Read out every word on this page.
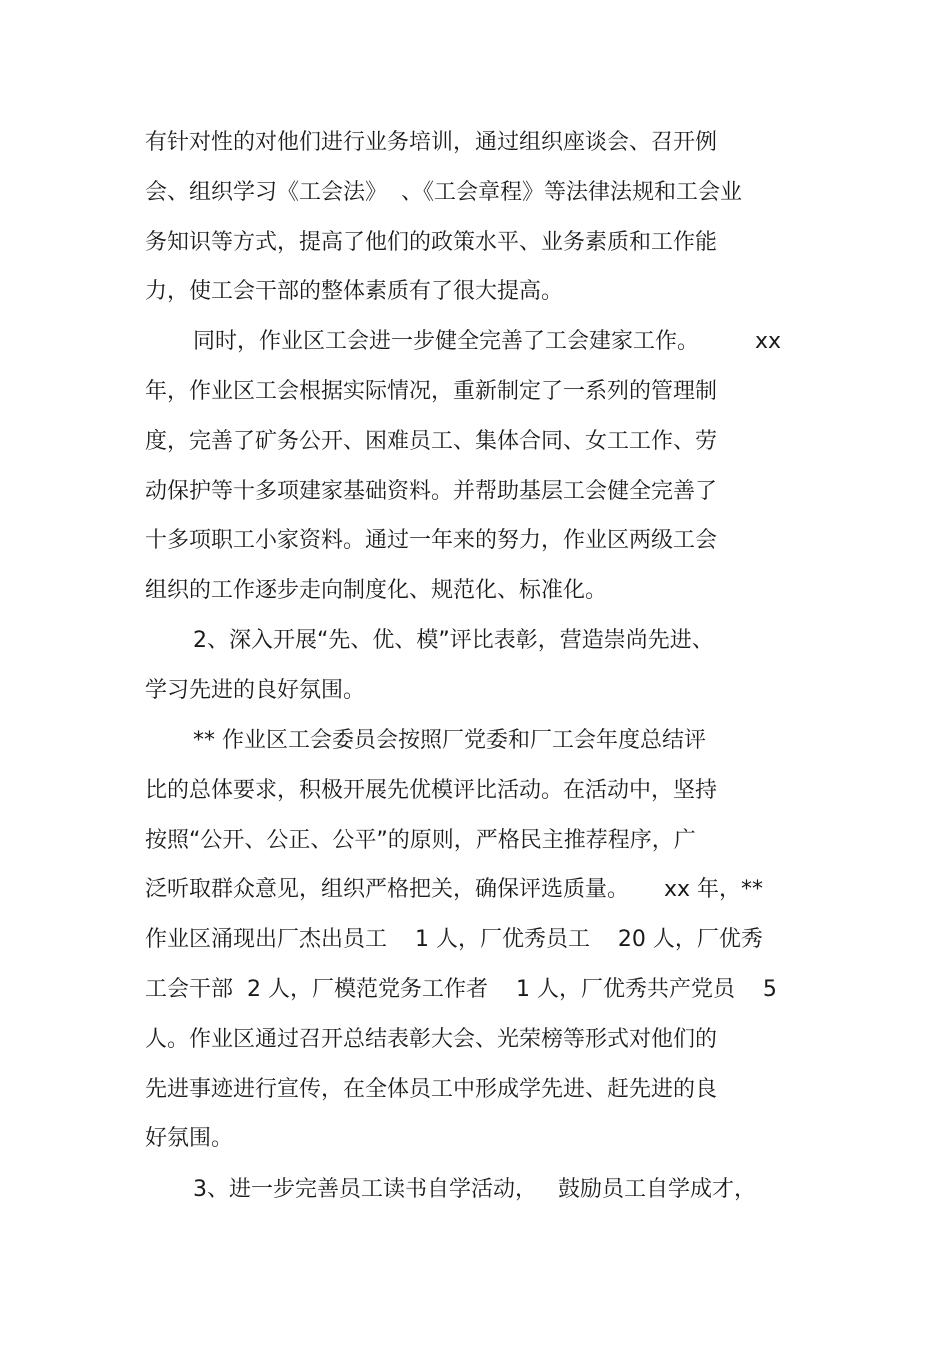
有针对性的对他们进行业务培训，通过组织座谈会、召开例
会、组织学习《工会法》  、《工会章程》等法律法规和工会业
务知识等方式，提高了他们的政策水平、业务素质和工作能
力，使工会干部的整体素质有了很大提高。
同时，作业区工会进一步健全完善了工会建家工作。        xx
年，作业区工会根据实际情况，重新制定了一系列的管理制
度，完善了矿务公开、困难员工、集体合同、女工工作、劳
动保护等十多项建家基础资料。并帮助基层工会健全完善了
十多项职工小家资料。通过一年来的努力，作业区两级工会
组织的工作逐步走向制度化、规范化、标准化。
2、深入开展“先、优、模”评比表彰，营造崇尚先进、
学习先进的良好氛围。
** 作业区工会委员会按照厂党委和厂工会年度总结评
比的总体要求，积极开展先优模评比活动。在活动中，坚持
按照“公开、公正、公平”的原则，严格民主推荐程序，广
泛听取群众意见，组织严格把关，确保评选质量。     xx 年，**
作业区涌现出厂杰出员工    1 人，厂优秀员工    20 人，厂优秀
工会干部  2 人，厂模范党务工作者    1 人，厂优秀共产党员    5
人。作业区通过召开总结表彰大会、光荣榜等形式对他们的
先进事迹进行宣传，在全体员工中形成学先进、赶先进的良
好氛围。
3、进一步完善员工读书自学活动，   鼓励员工自学成才，
